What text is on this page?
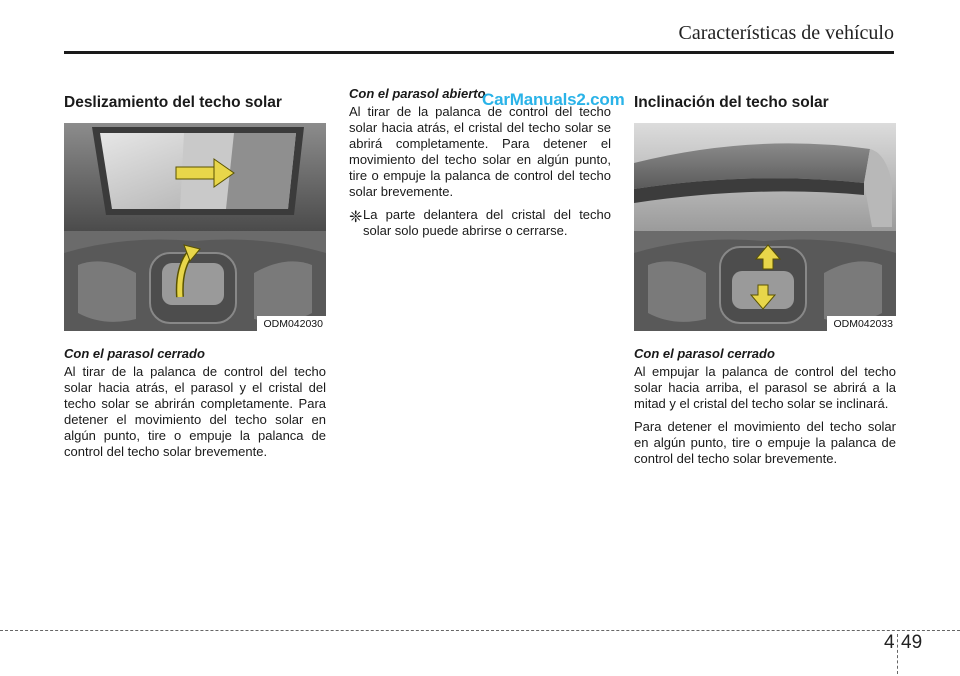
Características de vehículo
Deslizamiento del techo solar
ODM042030
Con el parasol cerrado

Al tirar de la palanca de control del techo solar hacia atrás, el parasol y el cristal del techo solar se abrirán completamente. Para detener el movimiento del techo solar en algún punto, tire o empuje la palanca de control del techo solar brevemente.

Con el parasol abierto

Al tirar de la palanca de control del techo solar hacia atrás, el cristal del techo solar se abrirá completamente. Para detener el movimiento del techo solar en algún punto, tire o empuje la palanca de control del techo solar brevemente.

❈ La parte delantera del cristal del techo solar solo puede abrirse o cerrarse.

CarManuals2.com Inclinación del techo solar
ODM042033
Con el parasol cerrado

Al empujar la palanca de control del techo solar hacia arriba, el parasol se abrirá a la mitad y el cristal del techo solar se inclinará.

Para detener el movimiento del techo solar en algún punto, tire o empuje la palanca de control del techo solar brevemente.

4 49
